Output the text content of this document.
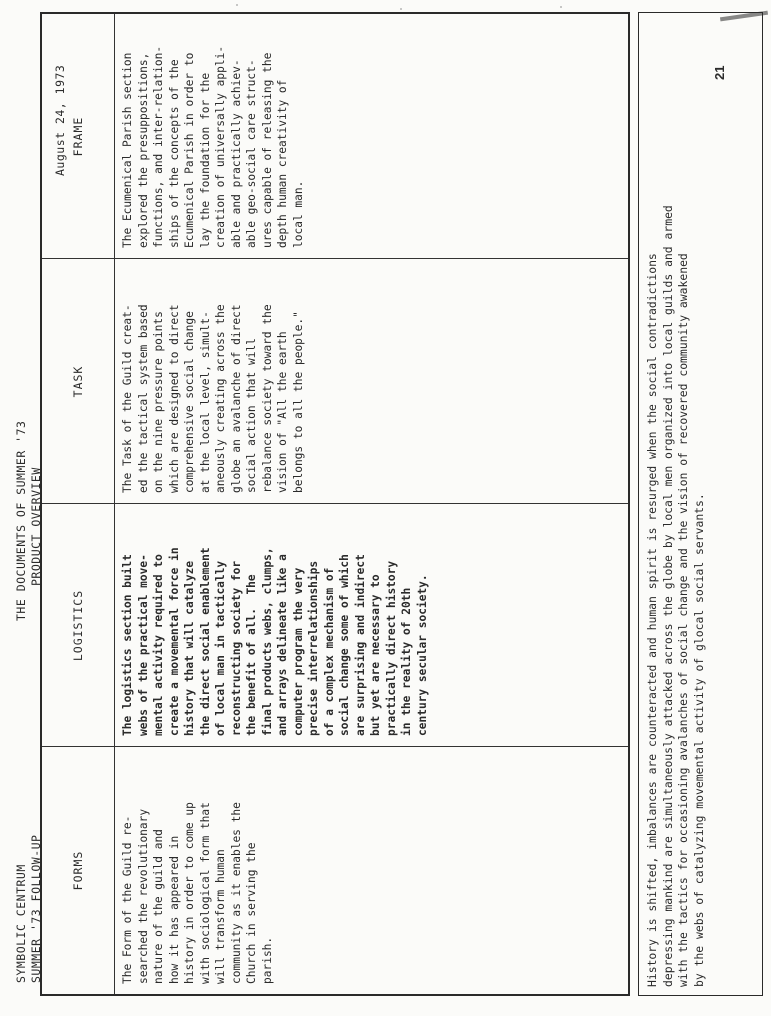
SYMBOLIC CENTRUM SUMMER '73 FOLLOW-UP
THE DOCUMENTS OF SUMMER '73 PRODUCT OVERVIEW
August 24, 1973	21
FORMS
LOGISTICS
TASK
FRAME
The Form of the Guild re-
searched the revolutionary
nature of the guild and
how it has appeared in
history in order to come up
with sociological form that
will transform human
community as it enables the
Church in serving the
parish.
The logistics section built
webs of the practical move-
mental activity required to
create a movemental force in
history that will catalyze
the direct social enablement
of local man in tactically
reconstructing society for
the benefit of all.  The
final products webs, clumps,
and arrays delineate like a
computer program the very
precise interrelationships
of a complex mechanism of
social change some of which
are surprising and indirect
but yet are necessary to
practically direct history
in the reality of 20th
century secular society.
The Task of the Guild creat-
ed the tactical system based
on the nine pressure points
which are designed to direct
comprehensive social change
at the local level, simult-
aneously creating across the
globe an avalanche of direct
social action that will
rebalance society toward the
vision of "All the earth
belongs to all the people."
The Ecumenical Parish section
explored the presuppositions,
functions, and inter-relation-
ships of the concepts of the
Ecumenical Parish in order to
lay the foundation for the
creation of universally appli-
able and practically achiev-
able geo-social care struct-
ures capable of releasing the
depth human creativity of
local man.
History is shifted, imbalances are counteracted and human spirit is resurged when the social contradictions
depressing mankind are simultaneously attacked across the globe by local men organized into local guilds and armed
with the tactics for occasioning avalanches of social change and the vision of recovered community awakened
by the webs of catalyzing movemental activity of glocal social servants.
